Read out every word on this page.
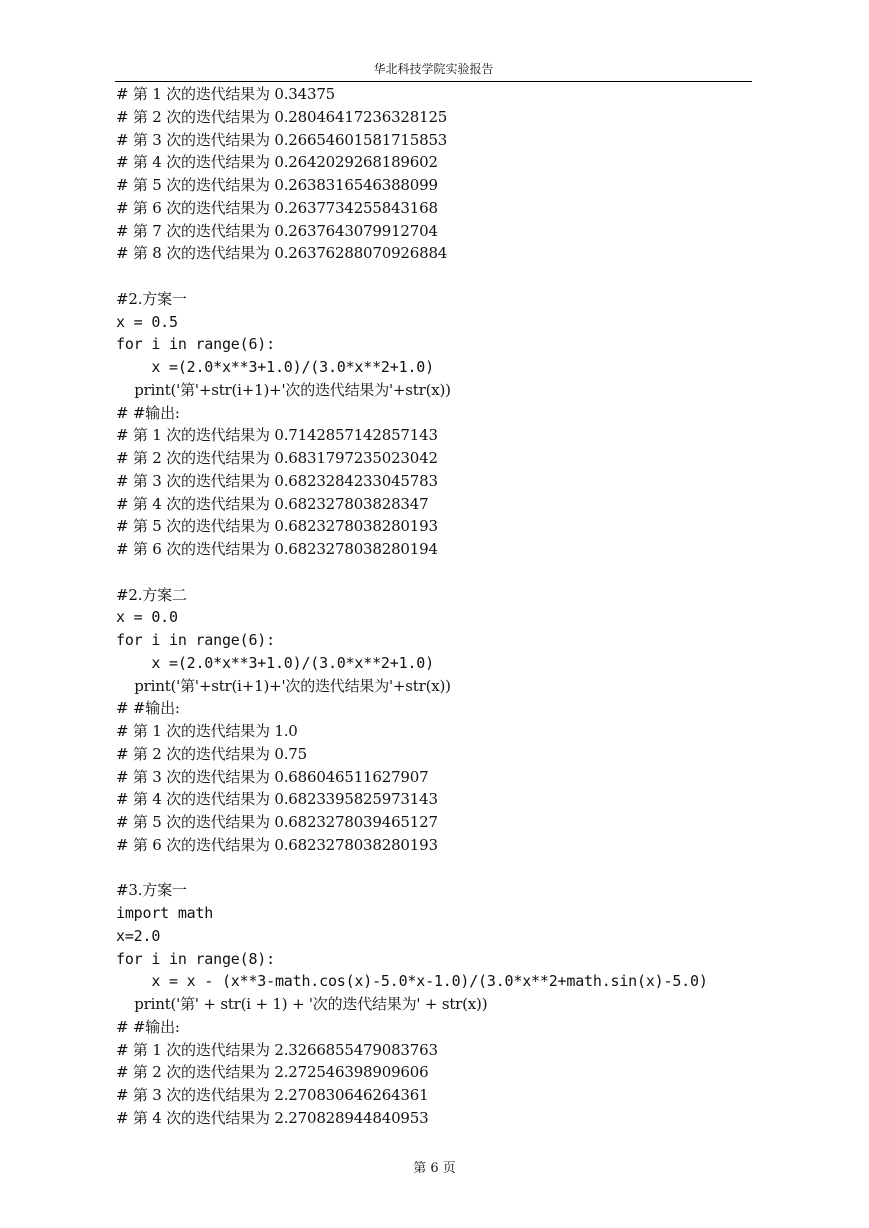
华北科技学院实验报告
# 第 1 次的迭代结果为 0.34375
# 第 2 次的迭代结果为 0.28046417236328125
# 第 3 次的迭代结果为 0.26654601581715853
# 第 4 次的迭代结果为 0.2642029268189602
# 第 5 次的迭代结果为 0.2638316546388099
# 第 6 次的迭代结果为 0.2637734255843168
# 第 7 次的迭代结果为 0.2637643079912704
# 第 8 次的迭代结果为 0.26376288070926884
#2.方案一
x = 0.5
for i in range(6):
x =(2.0*x**3+1.0)/(3.0*x**2+1.0)
print('第'+str(i+1)+'次的迭代结果为'+str(x))
# #输出:
# 第 1 次的迭代结果为 0.7142857142857143
# 第 2 次的迭代结果为 0.6831797235023042
# 第 3 次的迭代结果为 0.6823284233045783
# 第 4 次的迭代结果为 0.682327803828347
# 第 5 次的迭代结果为 0.6823278038280193
# 第 6 次的迭代结果为 0.6823278038280194
#2.方案二
x = 0.0
for i in range(6):
x =(2.0*x**3+1.0)/(3.0*x**2+1.0)
print('第'+str(i+1)+'次的迭代结果为'+str(x))
# #输出:
# 第 1 次的迭代结果为 1.0
# 第 2 次的迭代结果为 0.75
# 第 3 次的迭代结果为 0.686046511627907
# 第 4 次的迭代结果为 0.6823395825973143
# 第 5 次的迭代结果为 0.6823278039465127
# 第 6 次的迭代结果为 0.6823278038280193
#3.方案一
import math
x=2.0
for i in range(8):
x = x - (x**3-math.cos(x)-5.0*x-1.0)/(3.0*x**2+math.sin(x)-5.0)
print('第' + str(i + 1) + '次的迭代结果为' + str(x))
# #输出:
# 第 1 次的迭代结果为 2.3266855479083763
# 第 2 次的迭代结果为 2.272546398909606
# 第 3 次的迭代结果为 2.270830646264361
# 第 4 次的迭代结果为 2.270828944840953
第 6 页
